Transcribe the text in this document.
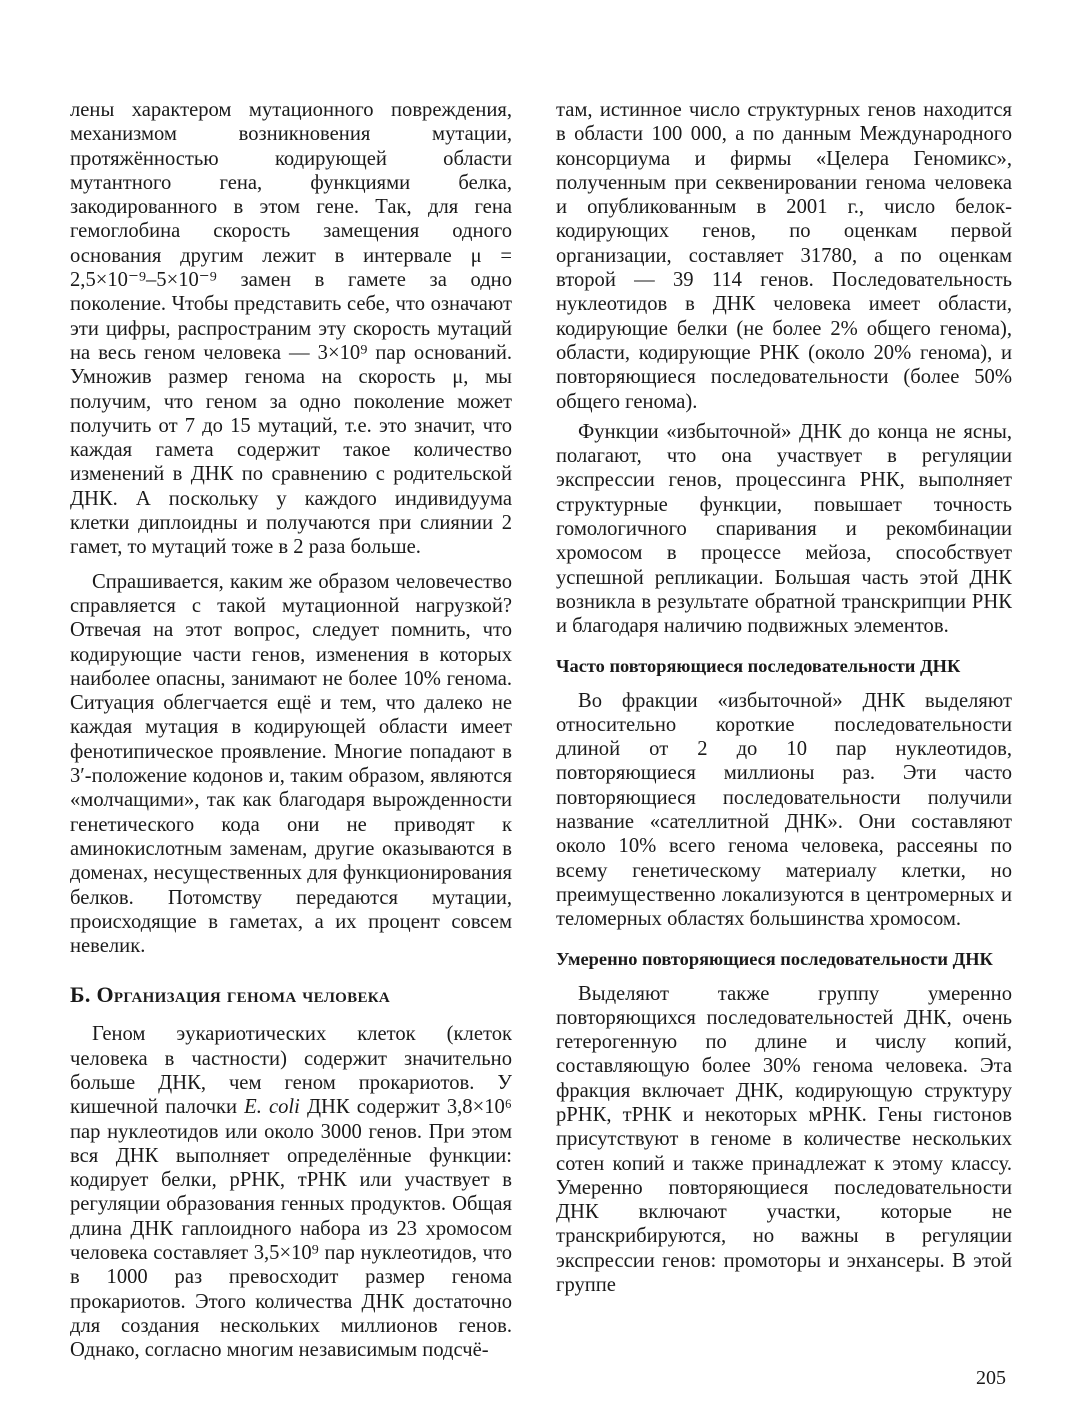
лены характером мутационного повреждения, механизмом возникновения мутации, протяжённостью кодирующей области мутантного гена, функциями белка, закодированного в этом гене. Так, для гена гемоглобина скорость замещения одного основания другим лежит в интервале μ = 2,5×10⁻⁹–5×10⁻⁹ замен в гамете за одно поколение. Чтобы представить себе, что означают эти цифры, распространим эту скорость мутаций на весь геном человека — 3×10⁹ пар оснований. Умножив размер генома на скорость μ, мы получим, что геном за одно поколение может получить от 7 до 15 мутаций, т.е. это значит, что каждая гамета содержит такое количество изменений в ДНК по сравнению с родительской ДНК. А поскольку у каждого индивидуума клетки диплоидны и получаются при слиянии 2 гамет, то мутаций тоже в 2 раза больше.

Спрашивается, каким же образом человечество справляется с такой мутационной нагрузкой? Отвечая на этот вопрос, следует помнить, что кодирующие части генов, изменения в которых наиболее опасны, занимают не более 10% генома. Ситуация облегчается ещё и тем, что далеко не каждая мутация в кодирующей области имеет фенотипическое проявление. Многие попадают в 3′-положение кодонов и, таким образом, являются «молчащими», так как благодаря вырожденности генетического кода они не приводят к аминокислотным заменам, другие оказываются в доменах, несущественных для функционирования белков. Потомству передаются мутации, происходящие в гаметах, а их процент совсем невелик.

Б. Организация генома человека

Геном эукариотических клеток (клеток человека в частности) содержит значительно больше ДНК, чем геном прокариотов. У кишечной палочки E. coli ДНК содержит 3,8×10⁶ пар нуклеотидов или около 3000 генов. При этом вся ДНК выполняет определённые функции: кодирует белки, рРНК, тРНК или участвует в регуляции образования генных продуктов. Общая длина ДНК гаплоидного набора из 23 хромосом человека составляет 3,5×10⁹ пар нуклеотидов, что в 1000 раз превосходит размер генома прокариотов. Этого количества ДНК достаточно для создания нескольких миллионов генов. Однако, согласно многим независимым подсчё-

там, истинное число структурных генов находится в области 100 000, а по данным Международного консорциума и фирмы «Целера Геномикс», полученным при секвенировании генома человека и опубликованным в 2001 г., число белок-кодирующих генов, по оценкам первой организации, составляет 31780, а по оценкам второй — 39 114 генов. Последовательность нуклеотидов в ДНК человека имеет области, кодирующие белки (не более 2% общего генома), области, кодирующие РНК (около 20% генома), и повторяющиеся последовательности (более 50% общего генома).

Функции «избыточной» ДНК до конца не ясны, полагают, что она участвует в регуляции экспрессии генов, процессинга РНК, выполняет структурные функции, повышает точность гомологичного спаривания и рекомбинации хромосом в процессе мейоза, способствует успешной репликации. Большая часть этой ДНК возникла в результате обратной транскрипции РНК и благодаря наличию подвижных элементов.

Часто повторяющиеся последовательности ДНК

Во фракции «избыточной» ДНК выделяют относительно короткие последовательности длиной от 2 до 10 пар нуклеотидов, повторяющиеся миллионы раз. Эти часто повторяющиеся последовательности получили название «сателлитной ДНК». Они составляют около 10% всего генома человека, рассеяны по всему генетическому материалу клетки, но преимущественно локализуются в центромерных и теломерных областях большинства хромосом.

Умеренно повторяющиеся последовательности ДНК

Выделяют также группу умеренно повторяющихся последовательностей ДНК, очень гетерогенную по длине и числу копий, составляющую более 30% генома человека. Эта фракция включает ДНК, кодирующую структуру рРНК, тРНК и некоторых мРНК. Гены гистонов присутствуют в геноме в количестве нескольких сотен копий и также принадлежат к этому классу. Умеренно повторяющиеся последовательности ДНК включают участки, которые не транскрибируются, но важны в регуляции экспрессии генов: промоторы и энхансеры. В этой группе

205
